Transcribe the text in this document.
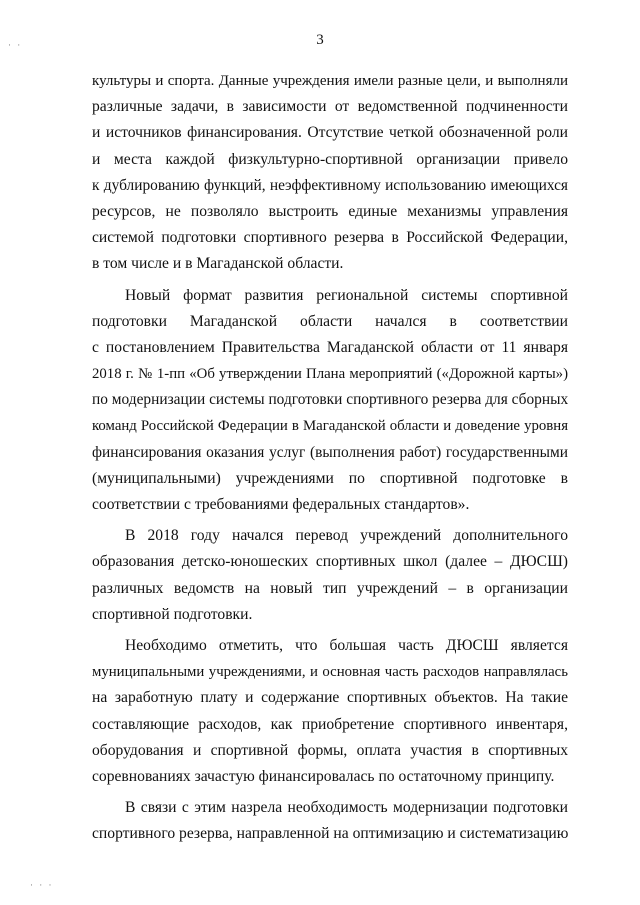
3
· ·
· · ·
культуры и спорта. Данные учреждения имели разные цели, и выполняли
различные задачи, в зависимости от ведомственной подчиненности
и источников финансирования. Отсутствие четкой обозначенной роли
и места каждой физкультурно-спортивной организации привело
к дублированию функций, неэффективному использованию имеющихся
ресурсов, не позволяло выстроить единые механизмы управления
системой подготовки спортивного резерва в Российской Федерации,
в том числе и в Магаданской области.
Новый формат развития региональной системы спортивной
подготовки Магаданской области начался в соответствии
с постановлением Правительства Магаданской области от 11 января
2018 г. № 1-пп «Об утверждении Плана мероприятий («Дорожной карты»)
по модернизации системы подготовки спортивного резерва для сборных
команд Российской Федерации в Магаданской области и доведение уровня
финансирования оказания услуг (выполнения работ) государственными
(муниципальными) учреждениями по спортивной подготовке в
соответствии с требованиями федеральных стандартов».
В 2018 году начался перевод учреждений дополнительного
образования детско-юношеских спортивных школ (далее – ДЮСШ)
различных ведомств на новый тип учреждений – в организации
спортивной подготовки.
Необходимо отметить, что большая часть ДЮСШ является
муниципальными учреждениями, и основная часть расходов направлялась
на заработную плату и содержание спортивных объектов. На такие
составляющие расходов, как приобретение спортивного инвентаря,
оборудования и спортивной формы, оплата участия в спортивных
соревнованиях зачастую финансировалась по остаточному принципу.
В связи с этим назрела необходимость модернизации подготовки
спортивного резерва, направленной на оптимизацию и систематизацию
